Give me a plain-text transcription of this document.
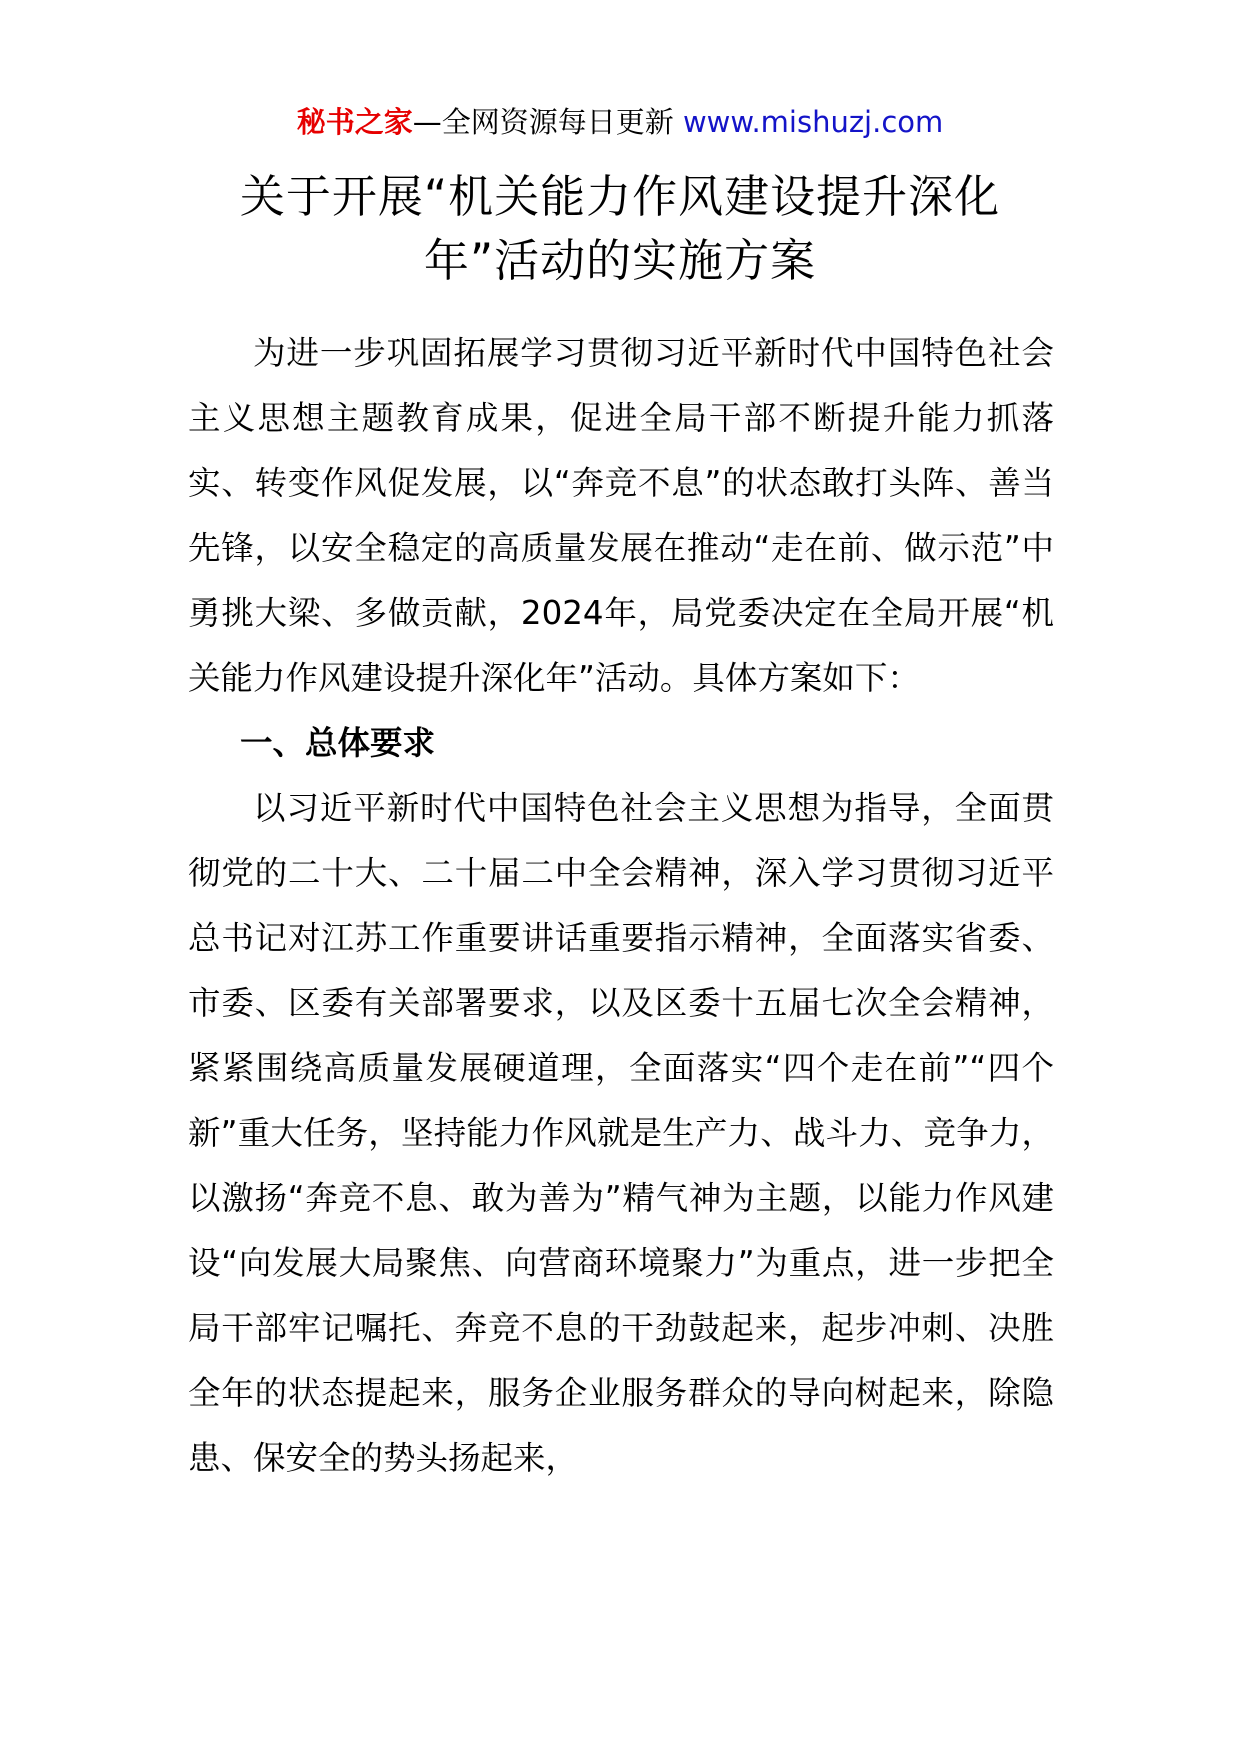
秘书之家—全网资源每日更新 www.mishuzj.com
关于开展“机关能力作风建设提升深化
年”活动的实施方案

为进一步巩固拓展学习贯彻习近平新时代中国特色社会主义思想主题教育成果，促进全局干部不断提升能力抓落实、转变作风促发展，以“奔竞不息”的状态敢打头阵、善当先锋，以安全稳定的高质量发展在推动“走在前、做示范”中勇挑大梁、多做贡献，2024年，局党委决定在全局开展“机关能力作风建设提升深化年”活动。具体方案如下：

一、总体要求

以习近平新时代中国特色社会主义思想为指导，全面贯彻党的二十大、二十届二中全会精神，深入学习贯彻习近平总书记对江苏工作重要讲话重要指示精神，全面落实省委、市委、区委有关部署要求，以及区委十五届七次全会精神，紧紧围绕高质量发展硬道理，全面落实“四个走在前”“四个新”重大任务，坚持能力作风就是生产力、战斗力、竞争力，以激扬“奔竞不息、敢为善为”精气神为主题，以能力作风建设“向发展大局聚焦、向营商环境聚力”为重点，进一步把全局干部牢记嘱托、奔竞不息的干劲鼓起来，起步冲刺、决胜全年的状态提起来，服务企业服务群众的导向树起来，除隐患、保安全的势头扬起来，
